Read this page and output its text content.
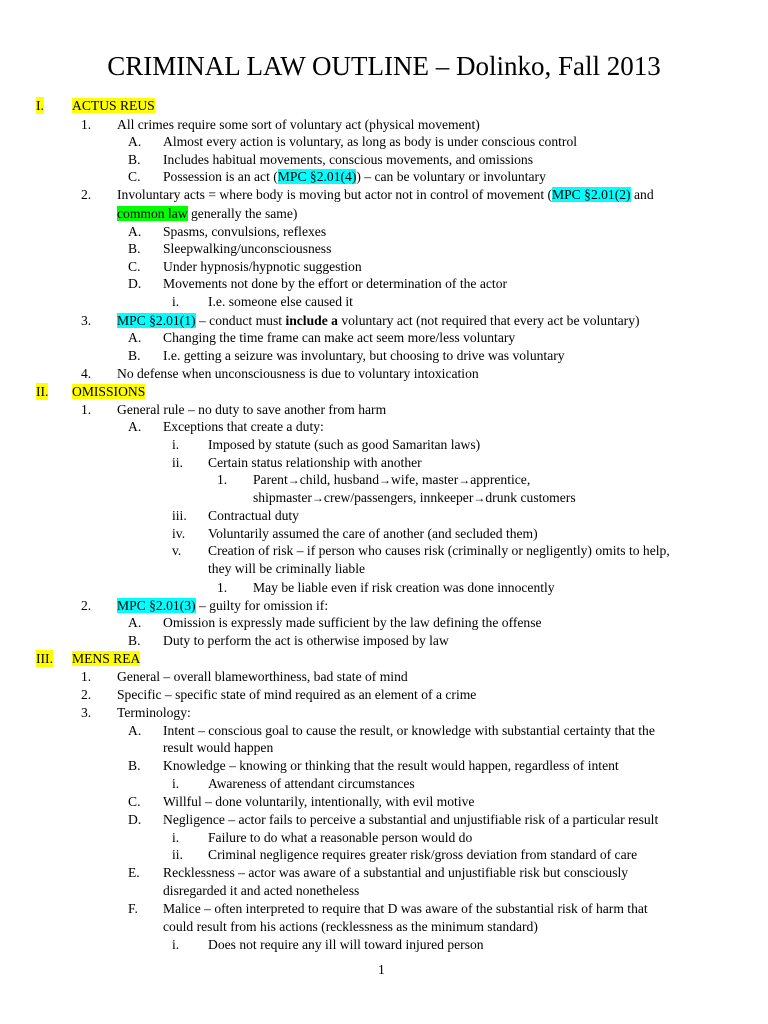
CRIMINAL LAW OUTLINE – Dolinko, Fall 2013
I. ACTUS REUS
1. All crimes require some sort of voluntary act (physical movement)
A. Almost every action is voluntary, as long as body is under conscious control
B. Includes habitual movements, conscious movements, and omissions
C. Possession is an act (MPC §2.01(4)) – can be voluntary or involuntary
2. Involuntary acts = where body is moving but actor not in control of movement (MPC §2.01(2) and
common law generally the same)
A. Spasms, convulsions, reflexes
B. Sleepwalking/unconsciousness
C. Under hypnosis/hypnotic suggestion
D. Movements not done by the effort or determination of the actor
i. I.e. someone else caused it
3. MPC §2.01(1) – conduct must include a voluntary act (not required that every act be voluntary)
A. Changing the time frame can make act seem more/less voluntary
B. I.e. getting a seizure was involuntary, but choosing to drive was voluntary
4. No defense when unconsciousness is due to voluntary intoxication
II. OMISSIONS
1. General rule – no duty to save another from harm
A. Exceptions that create a duty:
i. Imposed by statute (such as good Samaritan laws)
ii. Certain status relationship with another
1. Parent→child, husband→wife, master→apprentice,
shipmaster→crew/passengers, innkeeper→drunk customers
iii. Contractual duty
iv. Voluntarily assumed the care of another (and secluded them)
v. Creation of risk – if person who causes risk (criminally or negligently) omits to help,
they will be criminally liable
1. May be liable even if risk creation was done innocently
2. MPC §2.01(3) – guilty for omission if:
A. Omission is expressly made sufficient by the law defining the offense
B. Duty to perform the act is otherwise imposed by law
III. MENS REA
1. General – overall blameworthiness, bad state of mind
2. Specific – specific state of mind required as an element of a crime
3. Terminology:
A. Intent – conscious goal to cause the result, or knowledge with substantial certainty that the
result would happen
B. Knowledge – knowing or thinking that the result would happen, regardless of intent
i. Awareness of attendant circumstances
C. Willful – done voluntarily, intentionally, with evil motive
D. Negligence – actor fails to perceive a substantial and unjustifiable risk of a particular result
i. Failure to do what a reasonable person would do
ii. Criminal negligence requires greater risk/gross deviation from standard of care
E. Recklessness – actor was aware of a substantial and unjustifiable risk but consciously
disregarded it and acted nonetheless
F. Malice – often interpreted to require that D was aware of the substantial risk of harm that
could result from his actions (recklessness as the minimum standard)
i. Does not require any ill will toward injured person
1
